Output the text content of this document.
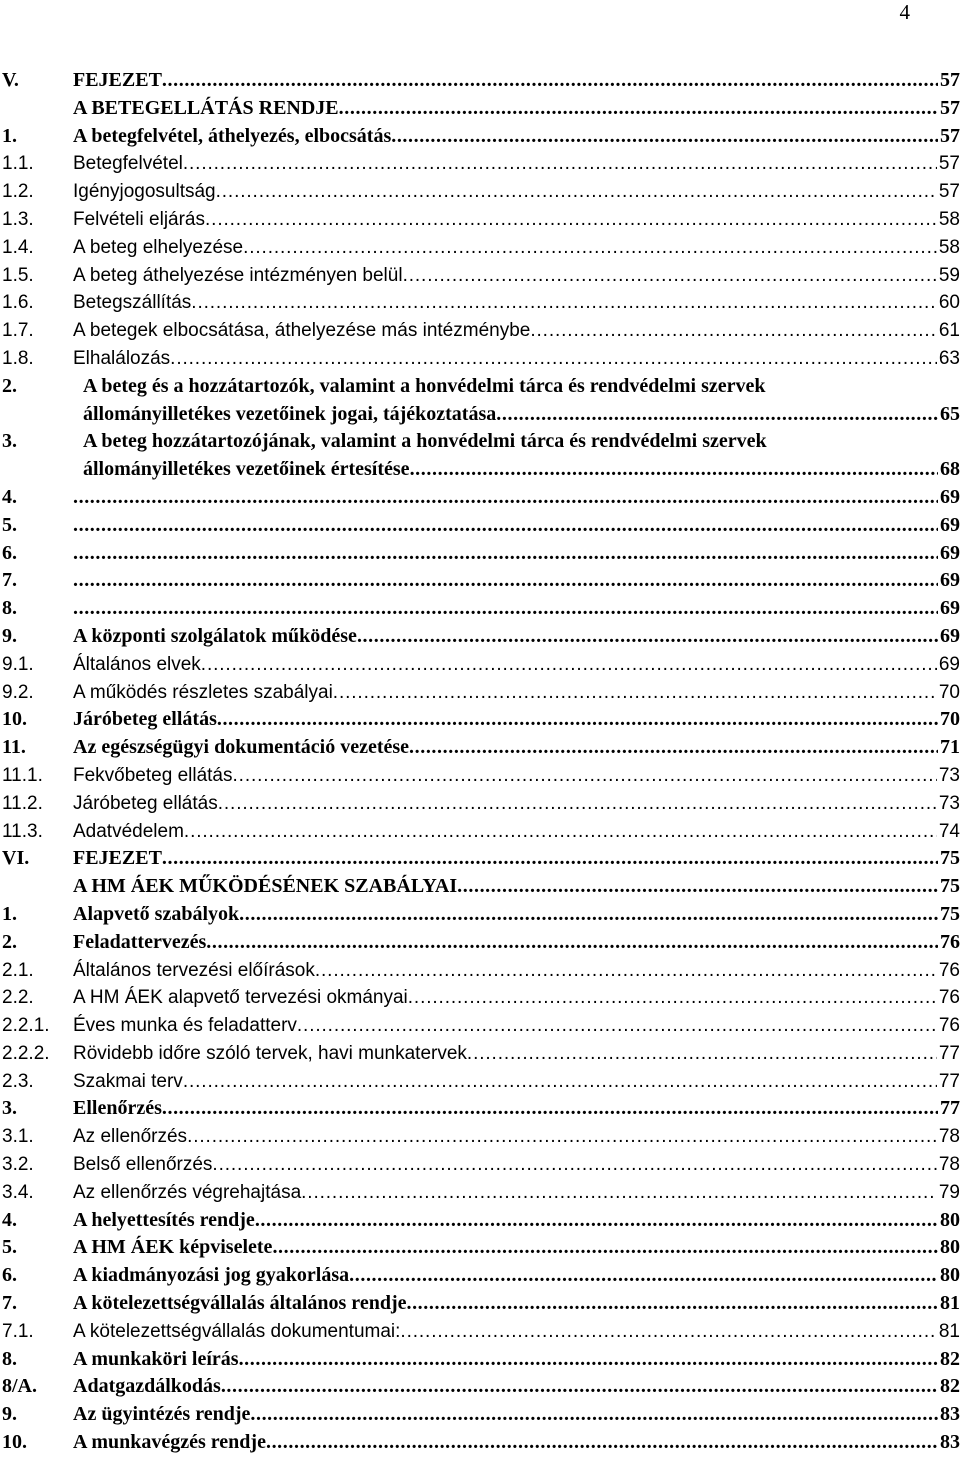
4
V.	FEJEZET . . .	57
A BETEGELLÁTÁS RENDJE . . .	57
1.	A betegfelvétel, áthelyezés, elbocsátás . . .	57
1.1. Betegfelvétel . . .	57
1.2. Igényjogosultság . . .	57
1.3. Felvételi eljárás . . .	58
1.4. A beteg elhelyezése . . .	58
1.5. A beteg áthelyezése intézményen belül . . .	59
1.6. Betegszállítás . . .	60
1.7. A betegek elbocsátása, áthelyezése más intézménybe . . .	61
1.8. Elhalálozás . . .	63
2.	A beteg és a hozzátartozók, valamint a honvédelmi tárca és rendvédelmi szervek
állományilletékes vezetőinek jogai, tájékoztatása . . .	65
3.	A beteg hozzátartozójának, valamint a honvédelmi tárca és rendvédelmi szervek
állományilletékes vezetőinek értesítése . . .	68
4. . . .	69
5. . . .	69
6. . . .	69
7. . . .	69
8. . . .	69
9.	A központi szolgálatok működése . . .	69
9.1. Általános elvek . . .	69
9.2. A működés részletes szabályai . . .	70
10. Járóbeteg ellátás . . .	70
11. Az egészségügyi dokumentáció vezetése . . .	71
11.1. Fekvőbeteg ellátás . . .	73
11.2. Járóbeteg ellátás . . .	73
11.3. Adatvédelem . . .	74
VI. FEJEZET . . .	75
A HM ÁEK MŰKÖDÉSÉNEK SZABÁLYAI . . .	75
1.	Alapvető szabályok . . .	75
2.	Feladattervezés . . .	76
2.1. Általános tervezési előírások . . .	76
2.2. A HM ÁEK alapvető tervezési okmányai . . .	76
2.2.1. Éves munka és feladatterv . . .	76
2.2.2. Rövidebb időre szóló tervek, havi munkatervek . . .	77
2.3. Szakmai terv . . .	77
3.	Ellenőrzés . . .	77
3.1. Az ellenőrzés . . .	78
3.2. Belső ellenőrzés . . .	78
3.4. Az ellenőrzés végrehajtása . . .	79
4.	A helyettesítés rendje . . .	80
5.	A HM ÁEK képviselete . . .	80
6.	A kiadmányozási jog gyakorlása . . .	80
7.	A kötelezettségvállalás általános rendje . . .	81
7.1. A kötelezettségvállalás dokumentumai: . . .	81
8.	A munkaköri leírás . . .	82
8/A. Adatgazdálkodás . . .	82
9.	Az ügyintézés rendje . . .	83
10. A munkavégzés rendje . . .	83
